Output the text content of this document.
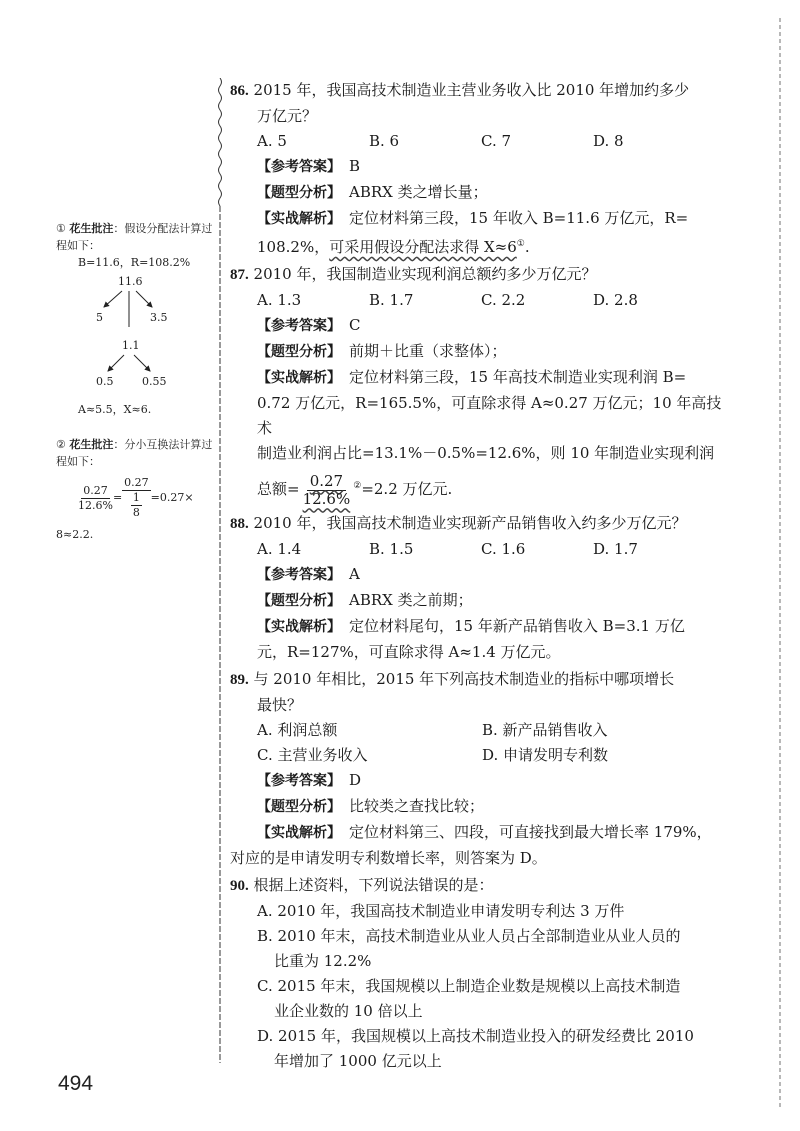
① 花生批注：假设分配法计算过程如下：
B=11.6，R=108.2%
11.6
5	3.5
1.1
0.5	0.55
A≈5.5，X≈6.
② 花生批注：分小互换法计算过程如下：
$\frac{0.27}{12.6\%} = \frac{0.27}{\frac{1}{8}} =0.27\times$
8≈2.2.
86. 2015 年，我国高技术制造业主营业务收入比 2010 年增加约多少
万亿元？
A. 5	B. 6	C. 7	D. 8
【参考答案】 B
【题型分析】 ABRX 类之增长量；
【实战解析】 定位材料第三段，15 年收入 B=11.6 万亿元，R=
108.2%，可采用假设分配法求得 X≈6①.
87. 2010 年，我国制造业实现利润总额约多少万亿元？
A. 1.3	B. 1.7	C. 2.2	D. 2.8
【参考答案】 C
【题型分析】 前期＋比重（求整体）；
【实战解析】 定位材料第三段，15 年高技术制造业实现利润 B=
0.72 万亿元，R=165.5%，可直除求得 A≈0.27 万亿元；10 年高技术
制造业利润占比=13.1%－0.5%=12.6%，则 10 年制造业实现利润
总额= $\frac{0.27}{12.6\%} ^②=2.2$ 万亿元.
88. 2010 年，我国高技术制造业实现新产品销售收入约多少万亿元？
A. 1.4	B. 1.5	C. 1.6	D. 1.7
【参考答案】 A
【题型分析】 ABRX 类之前期；
【实战解析】 定位材料尾句，15 年新产品销售收入 B=3.1 万亿
元，R=127%，可直除求得 A≈1.4 万亿元。
89. 与 2010 年相比，2015 年下列高技术制造业的指标中哪项增长
最快？
A. 利润总额	B. 新产品销售收入
C. 主营业务收入	D. 申请发明专利数
【参考答案】 D
【题型分析】 比较类之查找比较；
【实战解析】 定位材料第三、四段，可直接找到最大增长率 179%，
对应的是申请发明专利数增长率，则答案为 D。
90. 根据上述资料，下列说法错误的是：
A. 2010 年，我国高技术制造业申请发明专利达 3 万件
B. 2010 年末，高技术制造业从业人员占全部制造业从业人员的
比重为 12.2%
C. 2015 年末，我国规模以上制造企业数是规模以上高技术制造
业企业数的 10 倍以上
D. 2015 年，我国规模以上高技术制造业投入的研发经费比 2010
年增加了 1000 亿元以上
494
